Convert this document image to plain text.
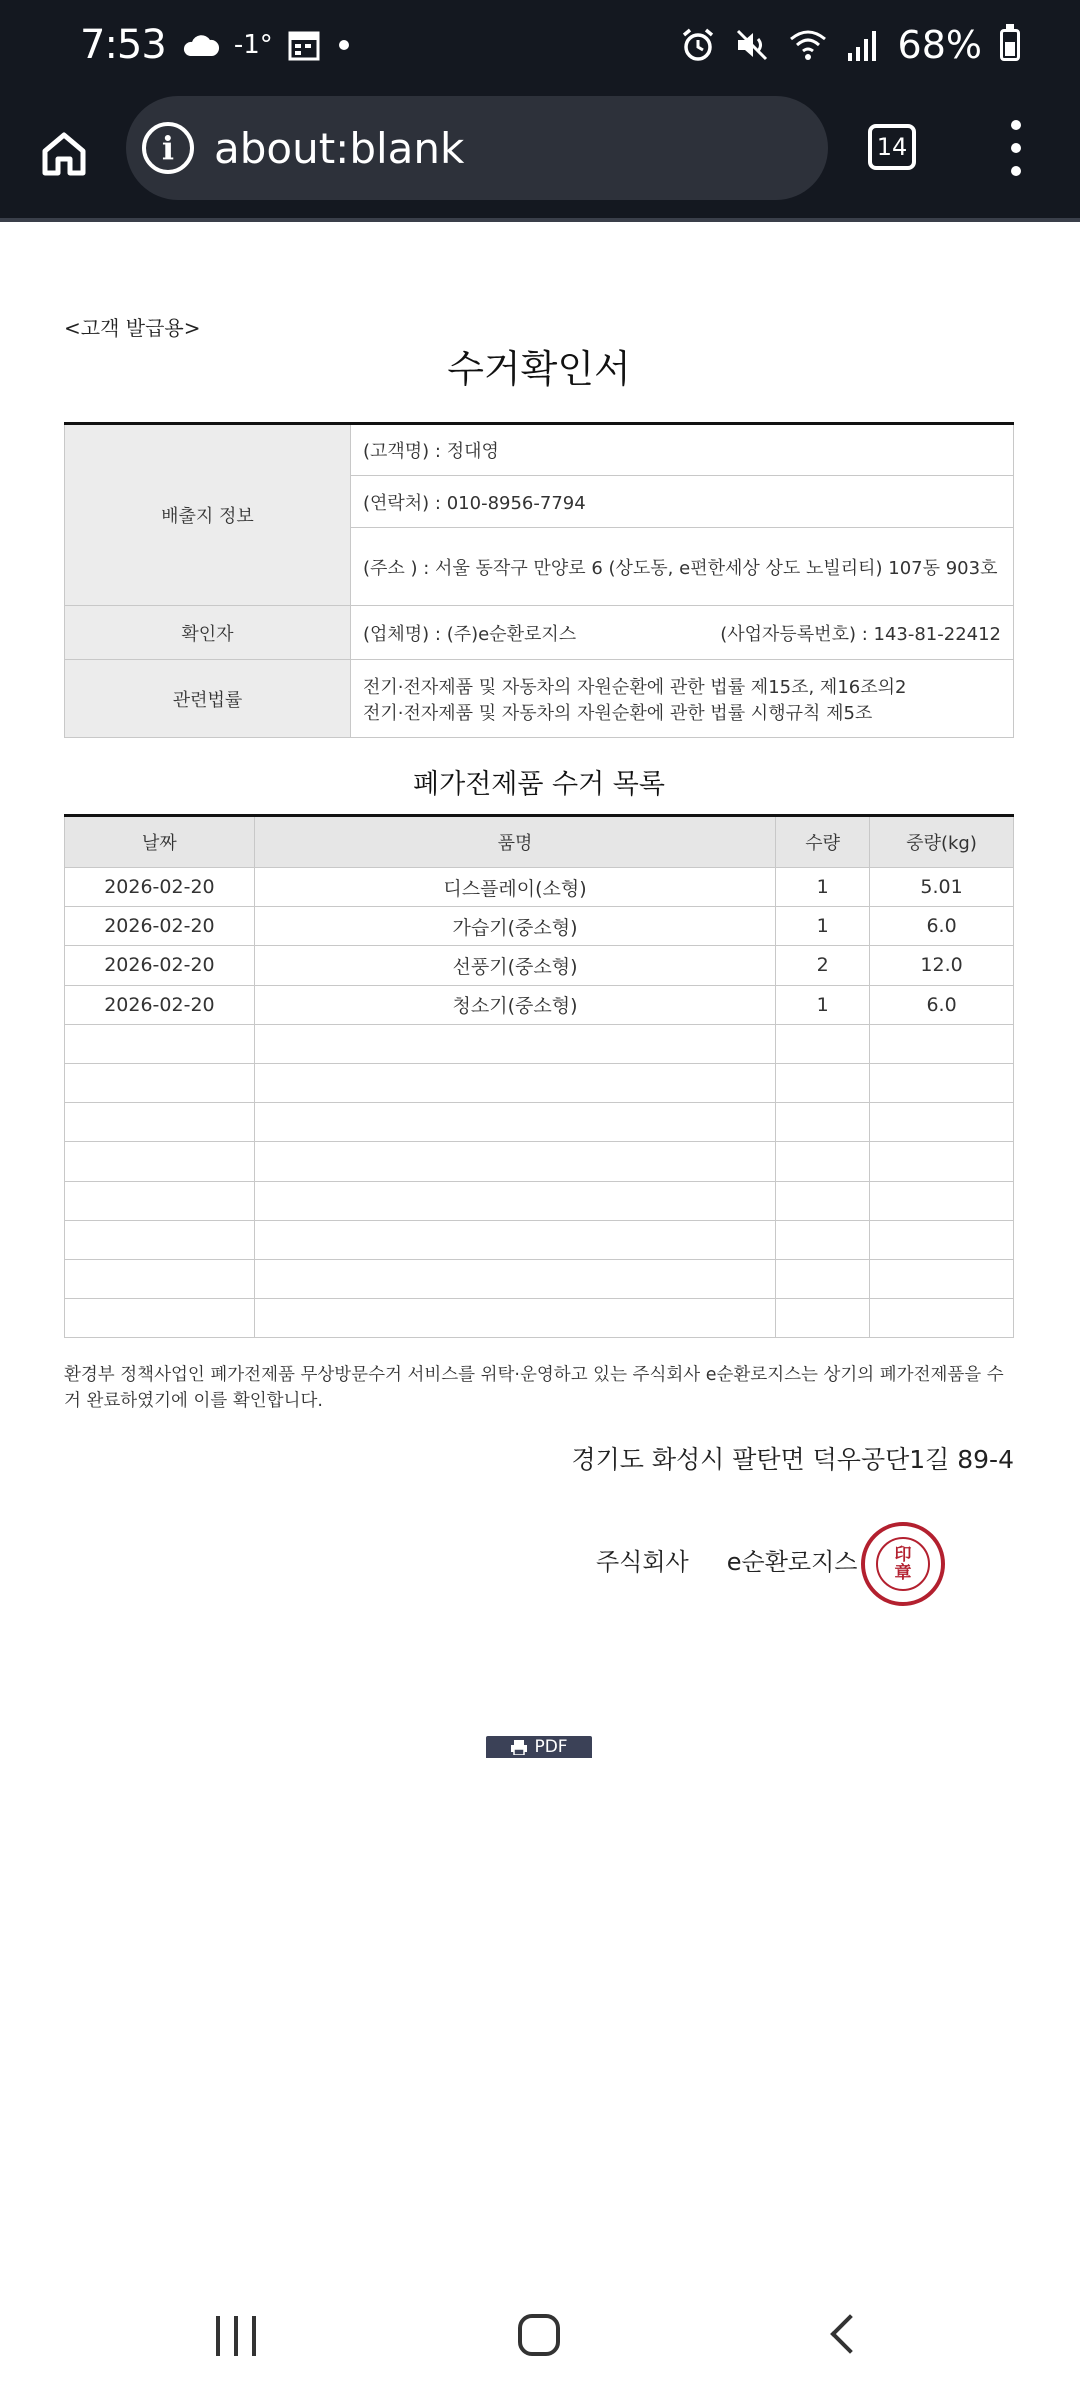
7:53	-1°	68%
i about:blank	14
<고객 발급용>
수거확인서
배출지 정보	(고객명) : 정대영
	(연락처) : 010-8956-7794
	(주소 ) : 서울 동작구 만양로 6 (상도동, e편한세상 상도 노빌리티) 107동 903호
확인자	(업체명) : (주)e순환로지스 (사업자등록번호) : 143-81-22412

관련법률	전기·전자제품 및 자동차의 자원순환에 관한 법률 제15조, 제16조의2
전기·전자제품 및 자동차의 자원순환에 관한 법률 시행규칙 제5조
폐가전제품 수거 목록
날짜	품명	수량	중량(kg)
2026-02-20	디스플레이(소형)	1	5.01
2026-02-20	가습기(중소형)	1	6.0
2026-02-20	선풍기(중소형)	2	12.0
2026-02-20	청소기(중소형)	1	6.0

환경부 정책사업인 폐가전제품 무상방문수거 서비스를 위탁·운영하고 있는 주식회사 e순환로지스는 상기의 폐가전제품을 수거 완료하였기에 이를 확인합니다.
경기도 화성시 팔탄면 덕우공단1길 89-4
주식회사 e순환로지스	印
章
PDF
